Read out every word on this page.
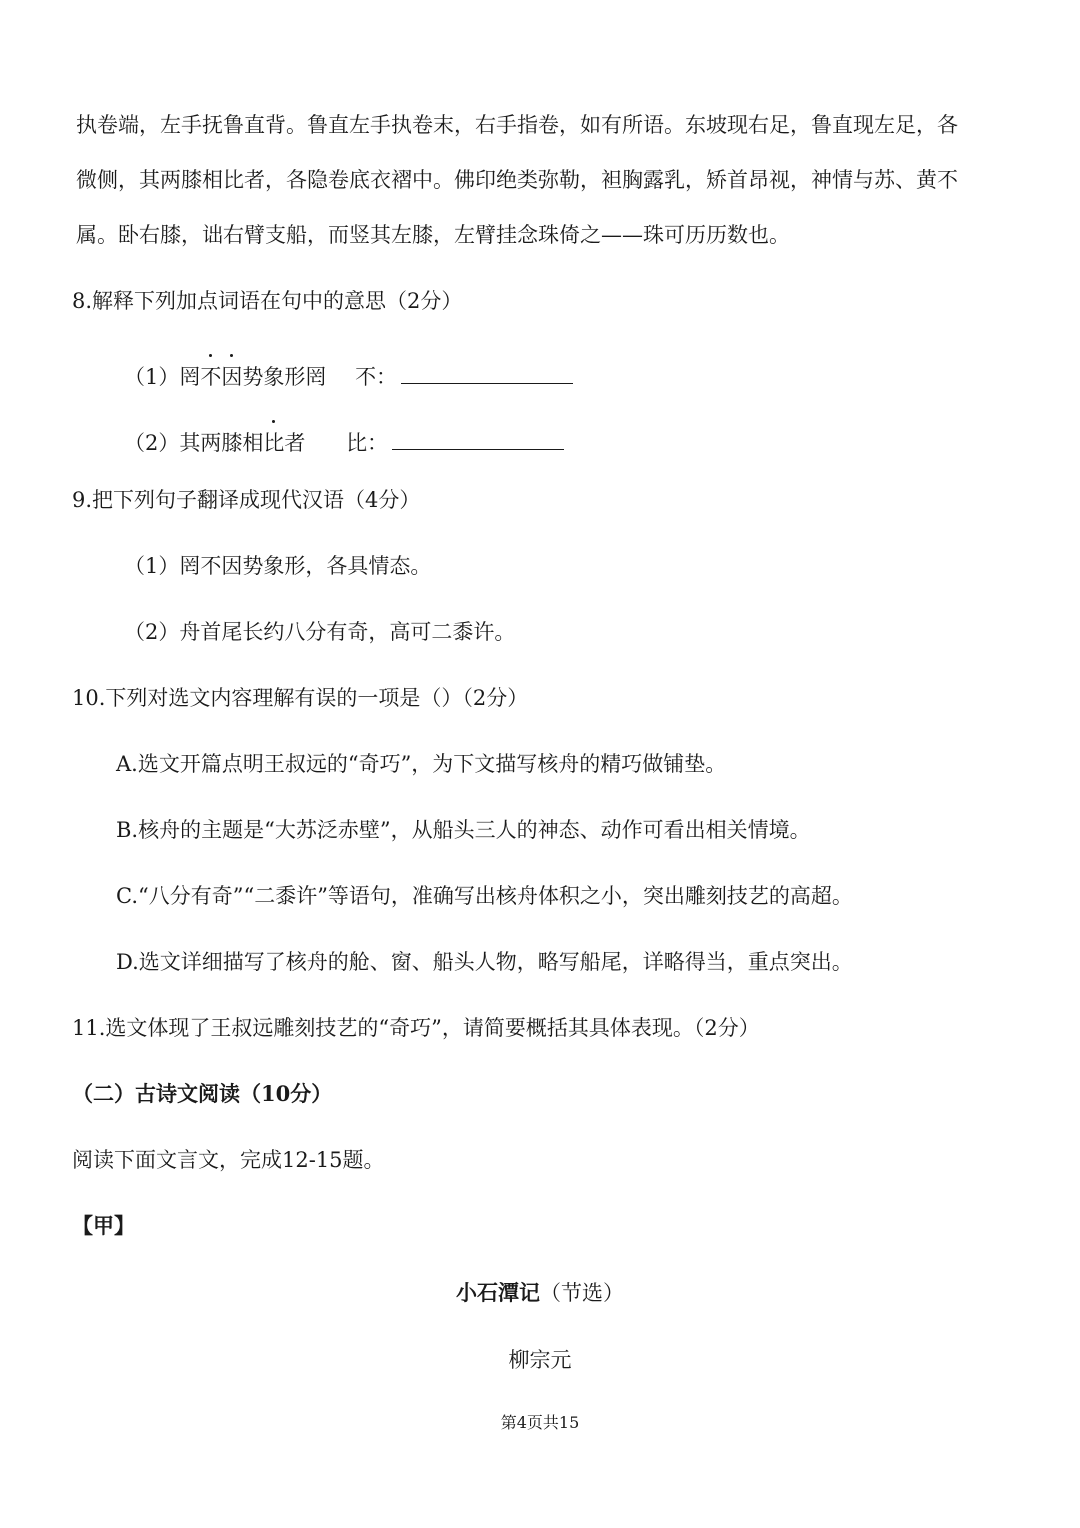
执卷端，左手抚鲁直背。鲁直左手执卷末，右手指卷，如有所语。东坡现右足，鲁直现左足，各
微侧，其两膝相比者，各隐卷底衣褶中。佛印绝类弥勒，袒胸露乳，矫首昂视，神情与苏、黄不
属。卧右膝，诎右臂支船，而竖其左膝，左臂挂念珠倚之——珠可历历数也。
8.解释下列加点词语在句中的意思（2分）
（1）罔不因势象形罔 不：
（2）其两膝相比者 比：
9.把下列句子翻译成现代汉语（4分）
（1）罔不因势象形，各具情态。
（2）舟首尾长约八分有奇，高可二黍许。
10.下列对选文内容理解有误的一项是（）（2分）
A.选文开篇点明王叔远的“奇巧”，为下文描写核舟的精巧做铺垫。
B.核舟的主题是“大苏泛赤壁”，从船头三人的神态、动作可看出相关情境。
C.“八分有奇”“二黍许”等语句，准确写出核舟体积之小，突出雕刻技艺的高超。
D.选文详细描写了核舟的舱、窗、船头人物，略写船尾，详略得当，重点突出。
11.选文体现了王叔远雕刻技艺的“奇巧”，请简要概括其具体表现。（2分）
（二）古诗文阅读（10分）
阅读下面文言文，完成12-15题。
【甲】
小石潭记（节选）
柳宗元
第4页共15
